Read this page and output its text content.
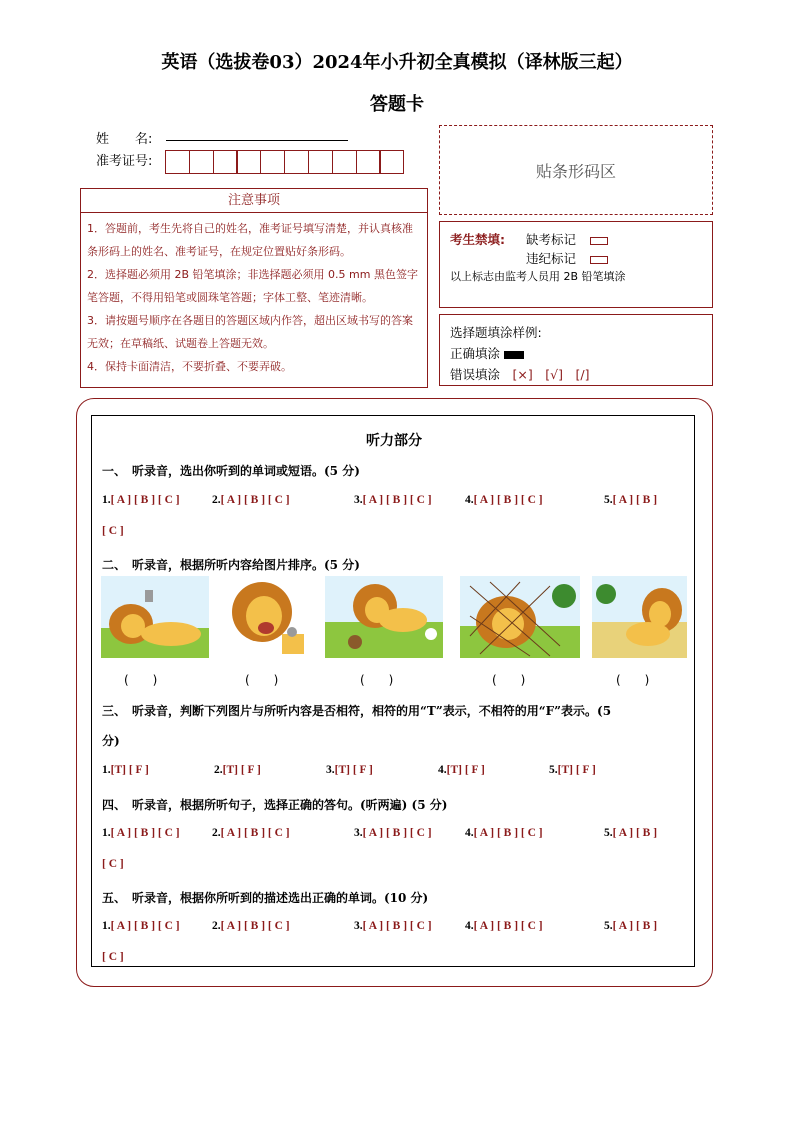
英语（选拔卷03）2024年小升初全真模拟（译林版三起）
答题卡
姓　　名:
准考证号:	贴条形码区
注意事项
1．答题前，考生先将自己的姓名，准考证号填写清楚，并认真核准条形码上的姓名、准考证号，在规定位置贴好条形码。
2．选择题必须用 2B 铅笔填涂；非选择题必须用 0.5 mm 黑色签字笔答题，不得用铅笔或圆珠笔答题；字体工整、笔迹清晰。
3．请按题号顺序在各题目的答题区域内作答，超出区域书写的答案无效；在草稿纸、试题卷上答题无效。
4．保持卡面清洁，不要折叠、不要弄破。
考生禁填: 缺考标记
违纪标记
以上标志由监考人员用 2B 铅笔填涂
选择题填涂样例:
正确填涂
错误填涂　 [×]　[√]　[/]
听力部分
一、　听录音，选出你听到的单词或短语。(5 分)
1.[ A ] [ B ] [ C ]	2.[ A ] [ B ] [ C ]	3.[ A ] [ B ] [ C ]	4.[ A ] [ B ] [ C ]	5.[ A ] [ B ]
[ C ]
二、　听录音，根据所听内容给图片排序。(5 分)
(　　)	(　　)	(　　)	(　　)	(　　)
三、　听录音，判断下列图片与所听内容是否相符，相符的用“T”表示，不相符的用“F”表示。(5
分)
1.[T] [ F ]	2.[T] [ F ]	3.[T] [ F ]	4.[T] [ F ]	5.[T] [ F ]
四、　听录音，根据所听句子，选择正确的答句。(听两遍) (5 分)
1.[ A ] [ B ] [ C ]	2.[ A ] [ B ] [ C ]	3.[ A ] [ B ] [ C ]	4.[ A ] [ B ] [ C ]	5.[ A ] [ B ]
[ C ]
五、　听录音，根据你所听到的描述选出正确的单词。(10 分)
1.[ A ] [ B ] [ C ]	2.[ A ] [ B ] [ C ]	3.[ A ] [ B ] [ C ]	4.[ A ] [ B ] [ C ]	5.[ A ] [ B ]
[ C ]
